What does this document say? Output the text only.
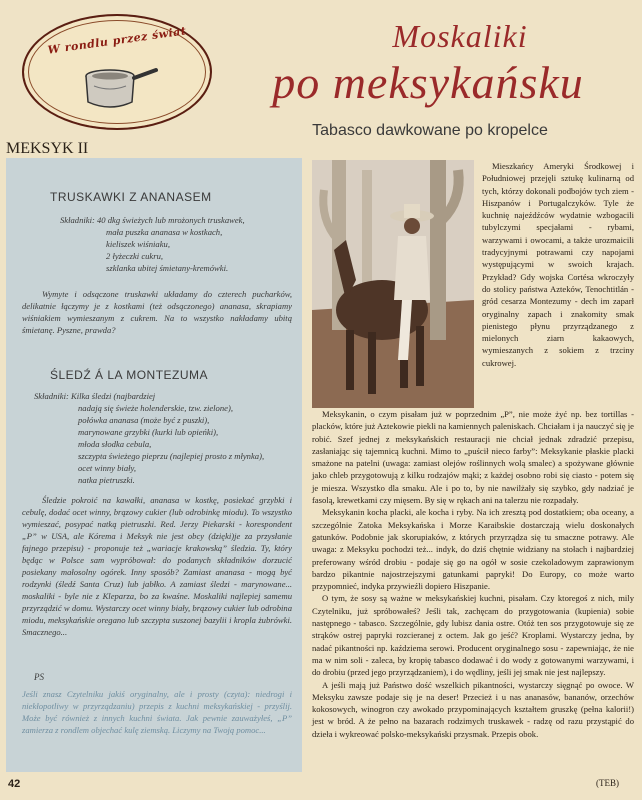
W rondlu przez świat	Moskaliki
po meksykańsku
Tabasco dawkowane po kropelce
MEKSYK II
TRUSKAWKI Z ANANASEM
Składniki: 40 dkg świeżych lub mrożonych truskawek,
mała puszka ananasa w kostkach,
kieliszek wiśniaku,
2 łyżeczki cukru,
szklanka ubitej śmietany-kremówki.
Wymyte i odsączone truskawki układamy do czterech pucharków, delikatnie łączymy je z kostkami (też odsączonego) ananasa, skrapiamy wiśniakiem wymieszanym z cukrem. Na to wszystko nakładamy ubitą śmietanę. Pyszne, prawda?
ŚLEDŹ Á LA MONTEZUMA
Składniki: Kilka śledzi (najbardziej
nadają się świeże holenderskie, tzw. zielone),
połówka ananasa (może być z puszki),
marynowane grzybki (kurki lub opieńki),
młoda słodka cebula,
szczypta świeżego pieprzu (najlepiej prosto z młynka),
ocet winny biały,
natka pietruszki.
Śledzie pokroić na kawałki, ananasa w kostkę, posiekać grzybki i cebulę, dodać ocet winny, brązowy cukier (lub odrobinkę miodu). To wszystko wymieszać, posypać natką pietruszki. Red. Jerzy Piekarski - korespondent „P” w USA, ale Kórema i Meksyk nie jest obcy (dzięki)je za przysłanie fajnego przepisu) - proponuje też „wariacje krakowską” śledzia. Ty, który będąc w Polsce sam wypróbował: do podanych składników dorzucić posiekany małosolny ogórek. Inny sposób? Zamiast ananasa - mogą być rodzynki (śledź Santa Cruz) lub jabłko. A zamiast śledzi - marynowane... moskaliki - byle nie z Kleparza, bo za kwaśne. Moskaliki najlepiej samemu przyrządzić w domu. Wystarczy ocet winny biały, brązowy cukier lub odrobina miodu, meksykańskie oregano lub szczypta suszonej bazylii i kropla żubrówki. Smacznego...
PS
Jeśli znasz Czytelniku jakiś oryginalny, ale i prosty (czyta): niedrogi i niekłopotliwy w przyrządzaniu) przepis z kuchni meksykańskiej - przyślij. Może być również z innych kuchni świata. Jak pewnie zauważyłeś, „P” zamierza z rondlem objechać kulę ziemską. Liczymy na Twoją pomoc...

Mieszkańcy Ameryki Środkowej i Południowej przejęli sztukę kulinarną od tych, którzy dokonali podbojów tych ziem - Hiszpanów i Portugalczyków. Tyle że kuchnię najeźdźców wydatnie wzbogacili tubylczymi specjałami - rybami, warzywami i owocami, a także urozmaicili tradycyjnymi potrawami czy napojami występującymi w swoich krajach. Przykład? Gdy wojska Cortésa wkroczyły do stolicy państwa Azteków, Tenochtitlán - gród cesarza Montezumy - dech im zaparł oryginalny zapach i znakomity smak pienistego płynu przyrządzanego z mielonych ziarn kakaowych, wymieszanych z sokiem z trzciny cukrowej.

Meksykanin, o czym pisałam już w poprzednim „P”, nie może żyć np. bez tortillas - placków, które już Aztekowie piekli na kamiennych paleniskach. Chciałam i ja nauczyć się je robić. Szef jednej z meksykańskich restauracji nie chciał jednak zdradzić przepisu, zasłaniając się tajemnicą kuchni. Mimo to „puścił nieco farby”: Meksykanie płaskie placki smażone na patelni (uwaga: zamiast olejów roślinnych wolą smalec) a spożywane głównie jako chleb przygotowują z kilku rodzajów mąki; z każdej osobno robi się ciasto - potem się je miesza. Wszystko dla smaku. Ale i po to, by nie nawilżały się szybko, gdy nadziać je fasolą, krewetkami czy mięsem. By się w rękach ani na talerzu nie rozpadały.

Meksykanin kocha placki, ale kocha i ryby. Na ich zresztą pod dostatkiem; oba oceany, a szczególnie Zatoka Meksykańska i Morze Karaibskie dostarczają wielu doskonałych gatunków. Podobnie jak skorupiaków, z których przyrządza się tu smaczne potrawy. Ale uwaga: z Meksyku pochodzi też... indyk, do dziś chętnie widziany na stołach i najbardziej preferowany wśród drobiu - podaje się go na ogół w sosie czekoladowym zaprawionym bardzo pikantnie najostrzejszymi gatunkami papryki! Do Europy, co może warto przypomnieć, indyka przywieźli dopiero Hiszpanie.

O tym, że sosy są ważne w meksykańskiej kuchni, pisałam. Czy ktoregoś z nich, mily Czytelniku, już spróbowałeś? Jeśli tak, zachęcam do przygotowania (kupienia) sobie następnego - tabasco. Szczególnie, gdy lubisz dania ostre. Otóż ten sos przygotowuje się ze strąków ostrej papryki rozcieranej z octem. Jak go jeść? Kroplami. Wystarczy jedna, by nadać pikantności np. kaździema serowi. Producent oryginalnego sosu - zapewniając, że nie ma w nim soli - zaleca, by kropię tabasco dodawać i do wody z gotowanymi warzywami, i do drobiu (przed jego przyrządzaniem), i do wędliny, jeśli jej smak nie jest najlepszy.

A jeśli mają już Państwo dość wszelkich pikantności, wystarczy sięgnąć po owoce. W Meksyku zawsze podaje się je na deser! Przecież i u nas ananasów, bananów, orzechów kokosowych, winogron czy awokado przypominających kształtem gruszkę (pełna kalorii!) jest w bród. A że pełno na bazarach rodzimych truskawek - radzę od razu przystąpić do dzieła i wykreować polsko-meksykański przysmak. Przepis obok.

(TEB)
42
